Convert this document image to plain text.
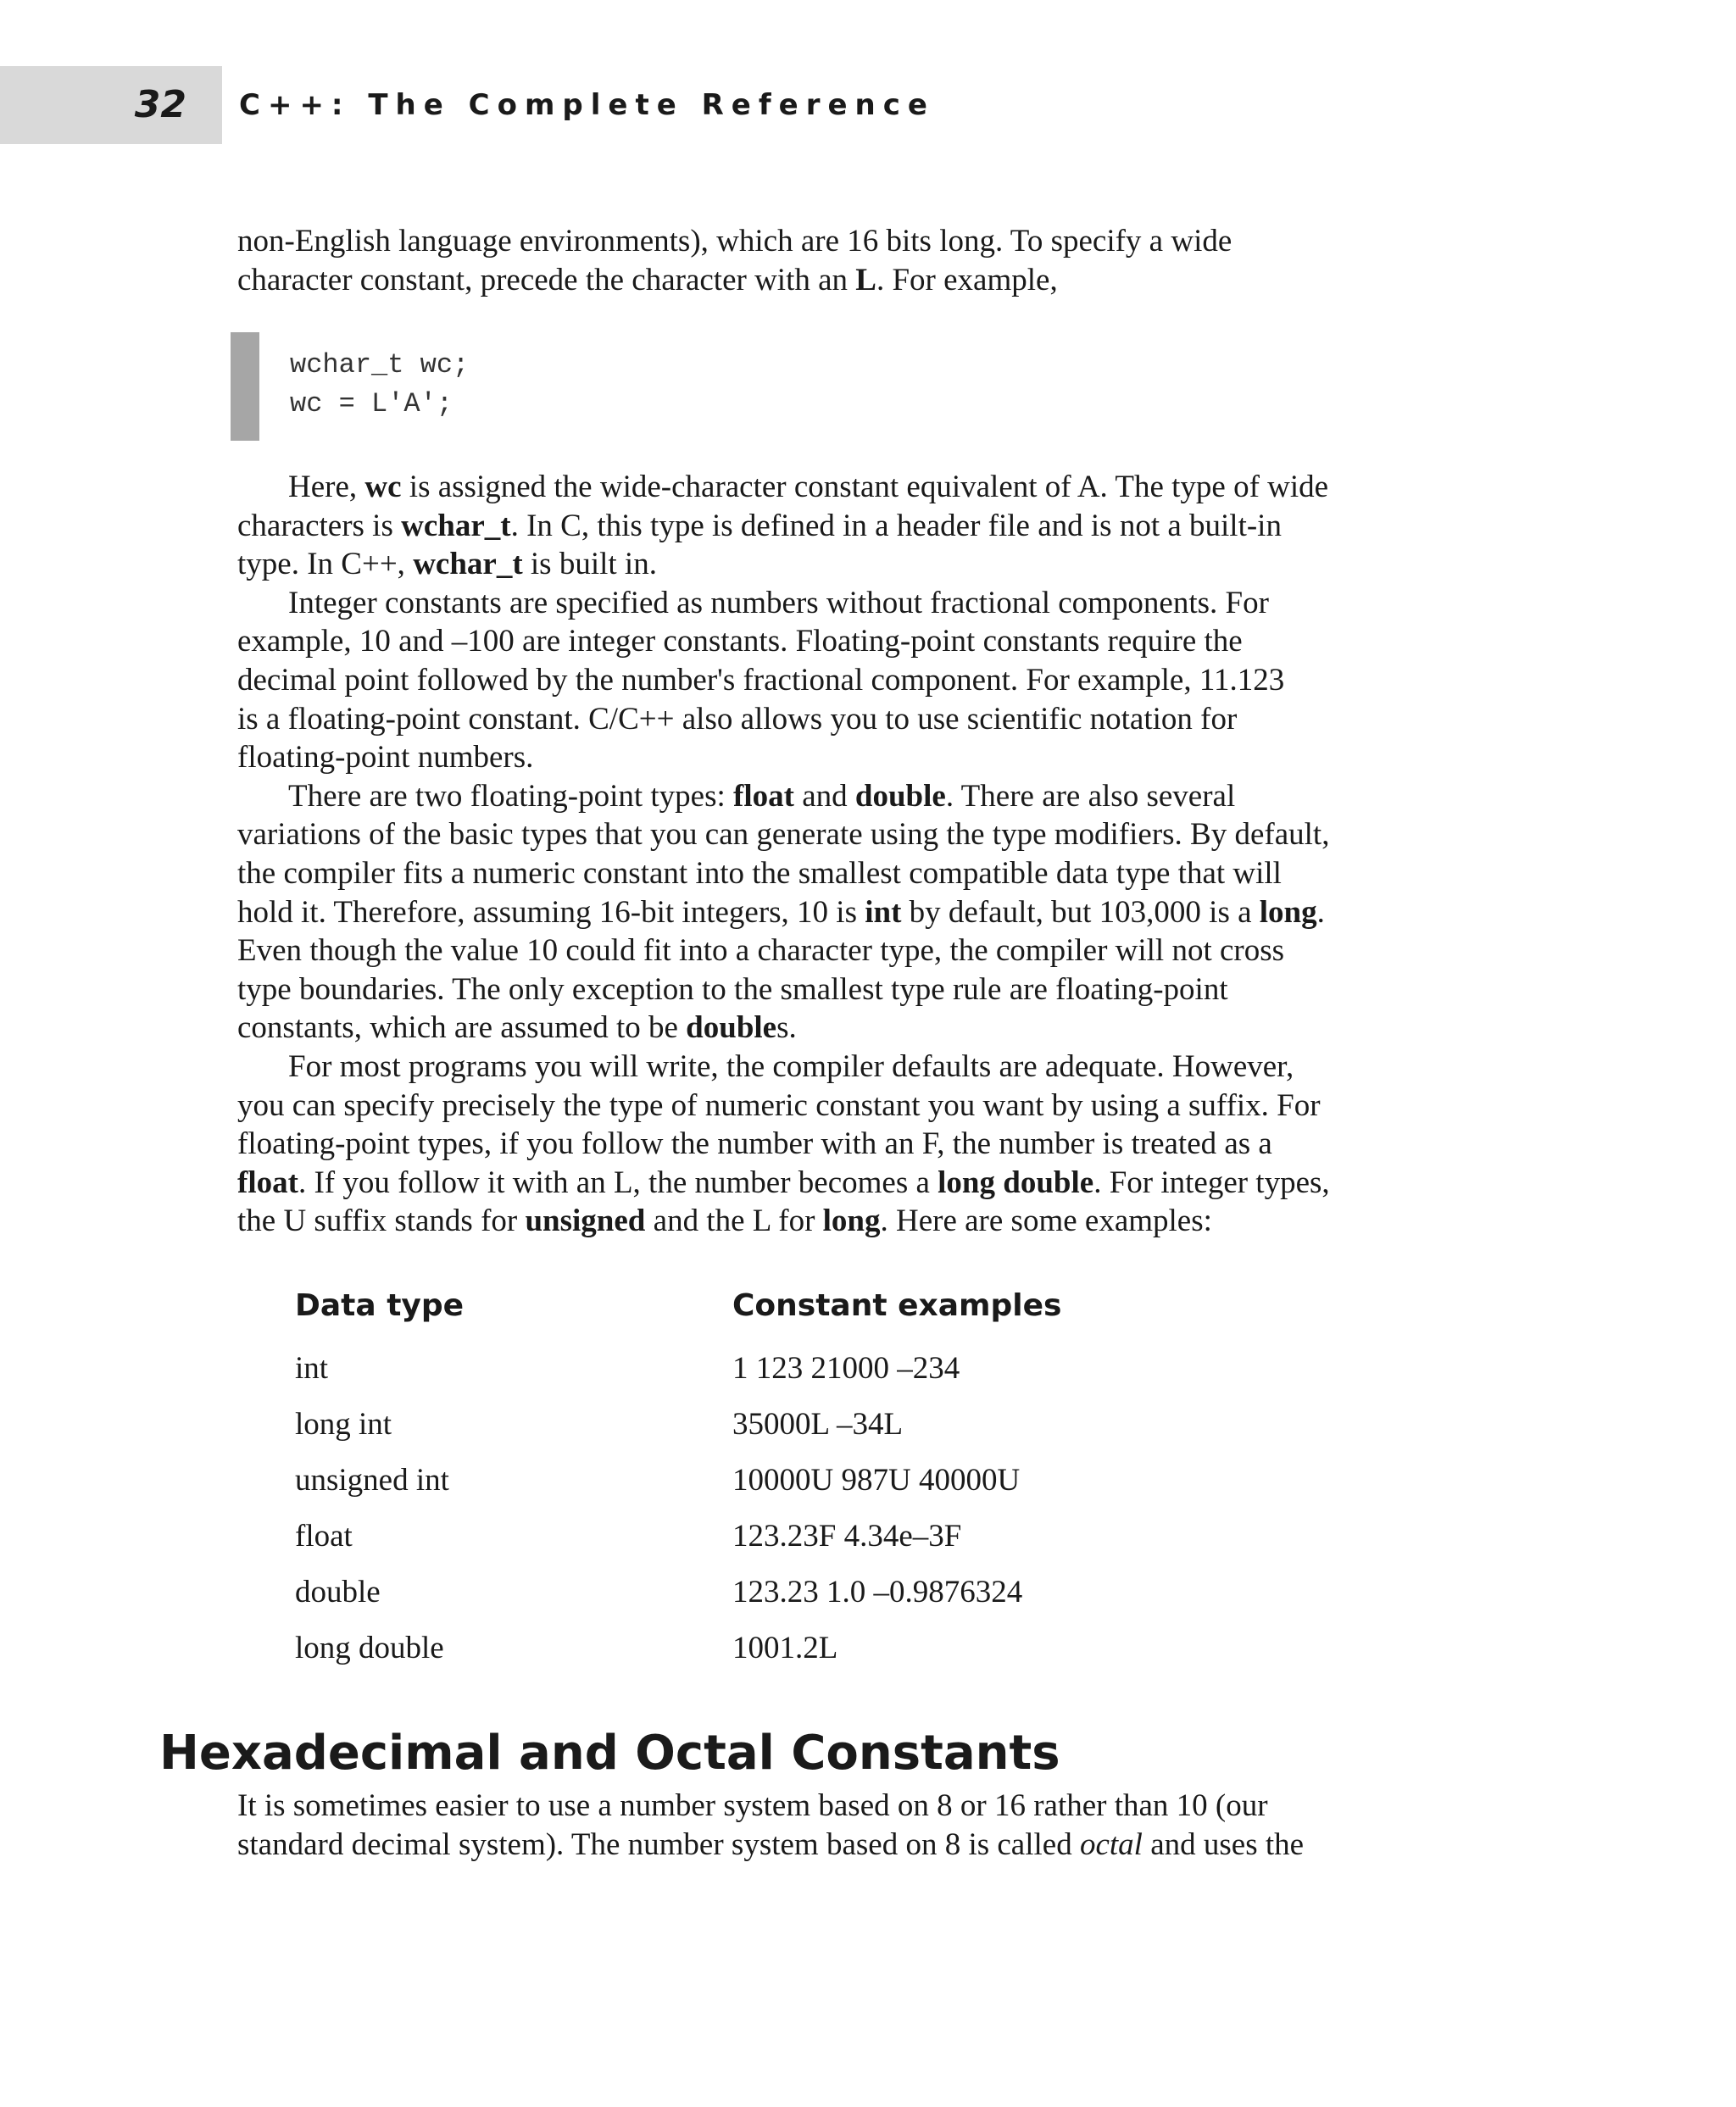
32 C++: The Complete Reference
non-English language environments), which are 16 bits long. To specify a wide
character constant, precede the character with an L. For example,
wchar_t wc;
wc = L'A';
Here, wc is assigned the wide-character constant equivalent of A. The type of wide
characters is wchar_t. In C, this type is defined in a header file and is not a built-in
type. In C++, wchar_t is built in.
Integer constants are specified as numbers without fractional components. For
example, 10 and –100 are integer constants. Floating-point constants require the
decimal point followed by the number's fractional component. For example, 11.123
is a floating-point constant. C/C++ also allows you to use scientific notation for
floating-point numbers.
There are two floating-point types: float and double. There are also several
variations of the basic types that you can generate using the type modifiers. By default,
the compiler fits a numeric constant into the smallest compatible data type that will
hold it. Therefore, assuming 16-bit integers, 10 is int by default, but 103,000 is a long.
Even though the value 10 could fit into a character type, the compiler will not cross
type boundaries. The only exception to the smallest type rule are floating-point
constants, which are assumed to be doubles.
For most programs you will write, the compiler defaults are adequate. However,
you can specify precisely the type of numeric constant you want by using a suffix. For
floating-point types, if you follow the number with an F, the number is treated as a
float. If you follow it with an L, the number becomes a long double. For integer types,
the U suffix stands for unsigned and the L for long. Here are some examples:
Data type	Constant examples
int	1 123 21000 –234
long int	35000L –34L
unsigned int	10000U 987U 40000U
float	123.23F 4.34e–3F
double	123.23 1.0 –0.9876324
long double	1001.2L
Hexadecimal and Octal Constants
It is sometimes easier to use a number system based on 8 or 16 rather than 10 (our
standard decimal system). The number system based on 8 is called octal and uses the
